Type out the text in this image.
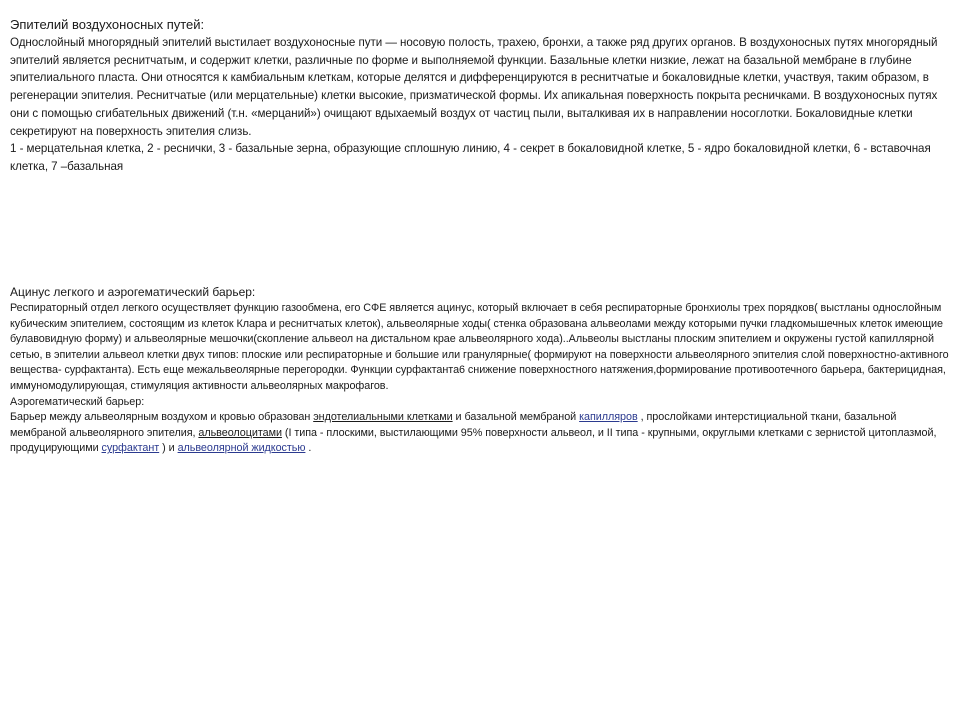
Эпителий воздухоносных путей:

Однослойный многорядный эпителий выстилает воздухоносные пути — носовую полость, трахею, бронхи, а также ряд других органов. В воздухоносных путях многорядный эпителий является реснитчатым, и содержит клетки, различные по форме и выполняемой функции. Базальные клетки низкие, лежат на базальной мембране в глубине эпителиального пласта. Они относятся к камбиальным клеткам, которые делятся и дифференцируются в реснитчатые и бокаловидные клетки, участвуя, таким образом, в регенерации эпителия. Реснитчатые (или мерцательные) клетки высокие, призматической формы. Их апикальная поверхность покрыта ресничками. В воздухоносных путях они с помощью сгибательных движений (т.н. «мерцаний») очищают вдыхаемый воздух от частиц пыли, выталкивая их в направлении носоглотки. Бокаловидные клетки секретируют на поверхность эпителия слизь.

1 - мерцательная клетка, 2 - реснички, 3 - базальные зерна, образующие сплошную линию, 4 - секрет в бокаловидной клетке, 5 - ядро бокаловидной клетки, 6 - вставочная клетка, 7 –базальная

Ацинус легкого и аэрогематический барьер:

Респираторный отдел легкого осуществляет функцию газообмена, его СФЕ является ацинус, который включает в себя респираторные бронхиолы трех порядков( выстланы однослойным кубическим эпителием, состоящим из клеток Клара и реснитчатых клеток), альвеолярные ходы( стенка образована альвеолами между которыми пучки гладкомышечных клеток имеющие булавовидную форму) и альвеолярные мешочки(скопление альвеол на дистальном крае альвеолярного хода)..Альвеолы выстланы плоским эпителием и окружены густой капиллярной сетью, в эпителии альвеол клетки двух типов: плоские или респираторные и большие или гранулярные( формируют на поверхности альвеолярного эпителия слой поверхностно-активного вещества- сурфактанта). Есть еще межальвеолярные перегородки. Функции сурфактанта6 снижение поверхностного натяжения,формирование противоотечного барьера, бактерицидная, иммуномодулирующая, стимуляция активности альвеолярных макрофагов.

Аэрогематический барьер:

Барьер между альвеолярным воздухом и кровью образован эндотелиальными клетками и базальной мембраной капилляров , прослойками интерстициальной ткани, базальной мембраной альвеолярного эпителия, альвеолоцитами (I типа - плоскими, выстилающими 95% поверхности альвеол, и II типа - крупными, округлыми клетками с зернистой цитоплазмой, продуцирующими сурфактант ) и альвеолярной жидкостью .
